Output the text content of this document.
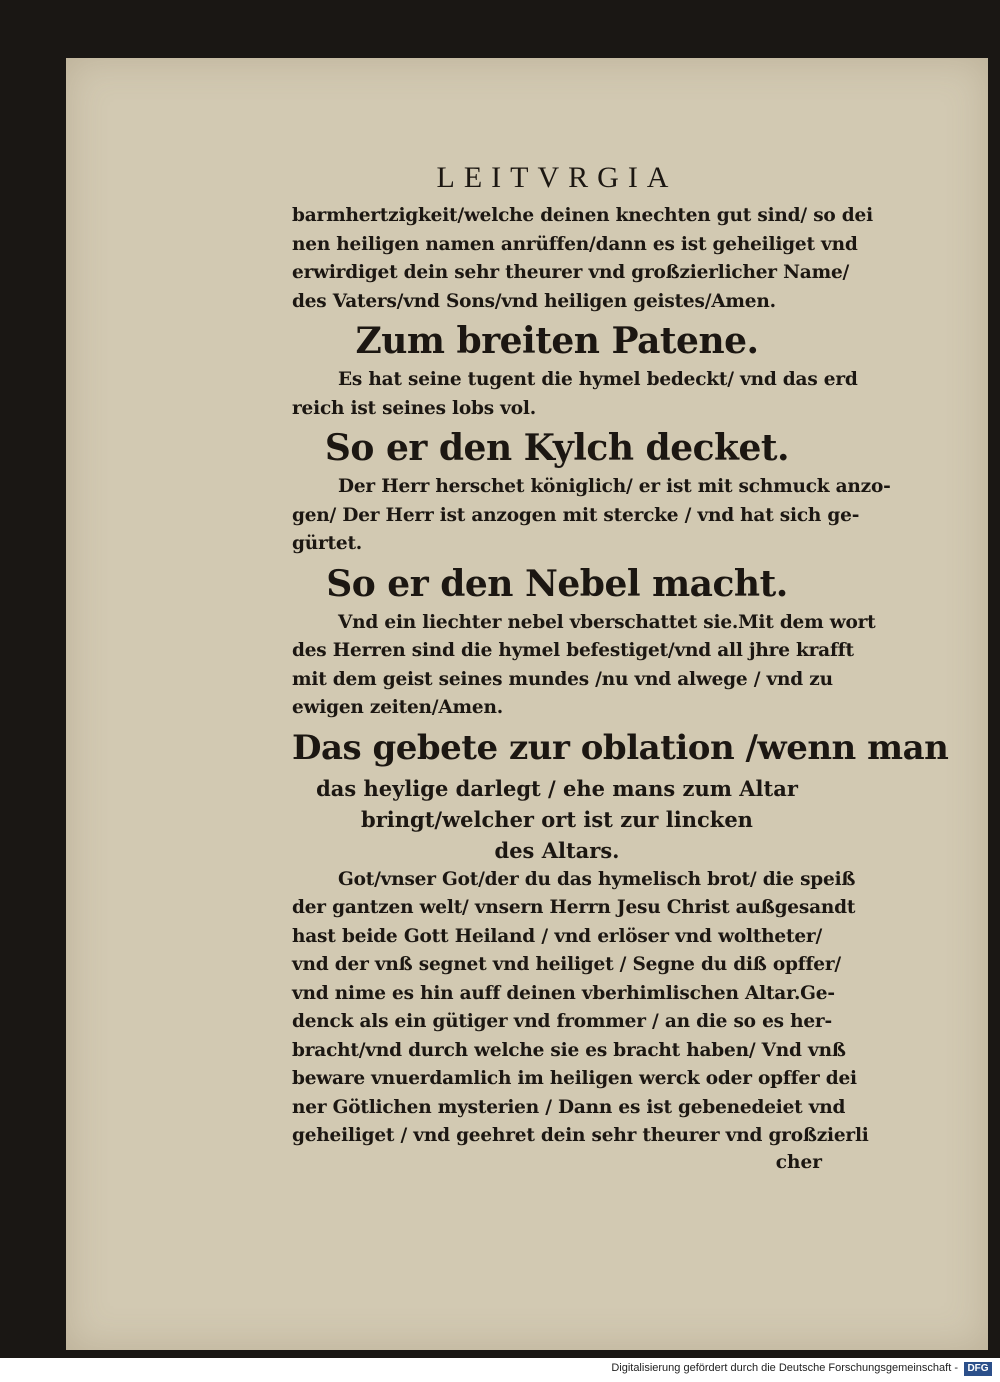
LEITVRGIA
barmhertzigkeit/welche deinen knechten gut sind/ so dei
nen heiligen namen anrüffen/dann es ist geheiliget vnd
erwirdiget dein sehr theurer vnd großzierlicher Name/
des Vaters/vnd Sons/vnd heiligen geistes/Amen.
Zum breiten Patene.
Es hat seine tugent die hymel bedeckt/ vnd das erd
reich ist seines lobs vol.
So er den Kylch decket.
Der Herr herschet königlich/ er ist mit schmuck anzo-
gen/ Der Herr ist anzogen mit stercke / vnd hat sich ge-
gürtet.
So er den Nebel macht.
Vnd ein liechter nebel vberschattet sie.Mit dem wort
des Herren sind die hymel befestiget/vnd all jhre krafft
mit dem geist seines mundes /nu vnd alwege / vnd zu
ewigen zeiten/Amen.
Das gebete zur oblation /wenn man
das heylige darlegt / ehe mans zum Altar
bringt/welcher ort ist zur lincken
des Altars.
Got/vnser Got/der du das hymelisch brot/ die speiß
der gantzen welt/ vnsern Herrn Jesu Christ außgesandt
hast beide Gott Heiland / vnd erlöser vnd woltheter/
vnd der vnß segnet vnd heiliget / Segne du diß opffer/
vnd nime es hin auff deinen vberhimlischen Altar.Ge-
denck als ein gütiger vnd frommer / an die so es her-
bracht/vnd durch welche sie es bracht haben/ Vnd vnß
beware vnuerdamlich im heiligen werck oder opffer dei
ner Götlichen mysterien / Dann es ist gebenedeiet vnd
geheiliget / vnd geehret dein sehr theurer vnd großzierli
cher
Digitalisierung gefördert durch die Deutsche Forschungsgemeinschaft - DFG
